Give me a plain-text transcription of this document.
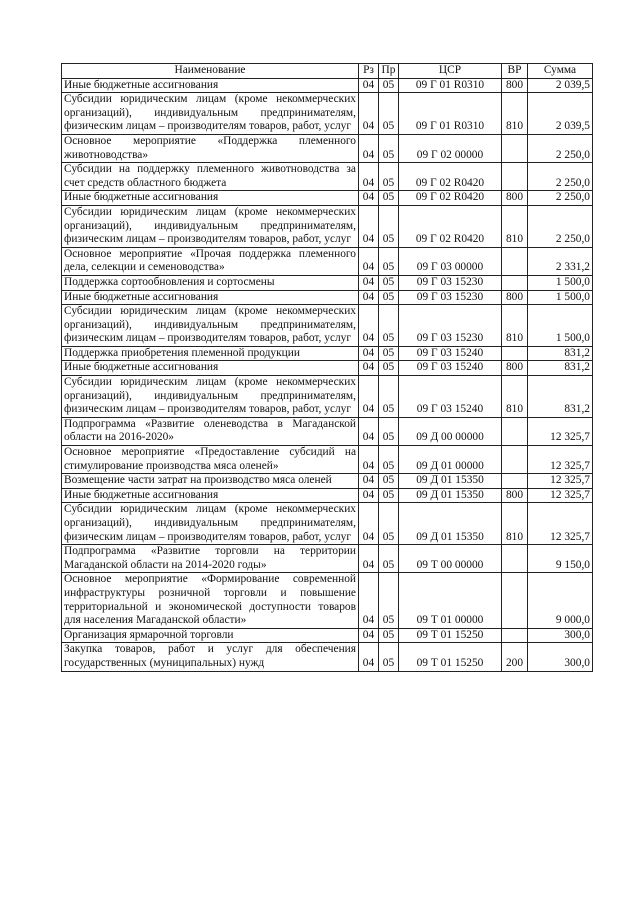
Наименование	Рз	Пр	ЦСР	ВР	Сумма
Иные бюджетные ассигнования	04	05	09 Г 01 R0310	800	2 039,5
Субсидии юридическим лицам (кроме некоммерческих организаций), индивидуальным предпринимателям, физическим лицам – производителям товаров, работ, услуг	04	05	09 Г 01 R0310	810	2 039,5
Основное мероприятие «Поддержка племенного животноводства»	04	05	09 Г 02 00000		2 250,0
Субсидии на поддержку племенного животноводства за счет средств областного бюджета	04	05	09 Г 02 R0420		2 250,0
Иные бюджетные ассигнования	04	05	09 Г 02 R0420	800	2 250,0
Субсидии юридическим лицам (кроме некоммерческих организаций), индивидуальным предпринимателям, физическим лицам – производителям товаров, работ, услуг	04	05	09 Г 02 R0420	810	2 250,0
Основное мероприятие «Прочая поддержка племенного дела, селекции и семеноводства»	04	05	09 Г 03 00000		2 331,2
Поддержка сортообновления и сортосмены	04	05	09 Г 03 15230		1 500,0
Иные бюджетные ассигнования	04	05	09 Г 03 15230	800	1 500,0
Субсидии юридическим лицам (кроме некоммерческих организаций), индивидуальным предпринимателям, физическим лицам – производителям товаров, работ, услуг	04	05	09 Г 03 15230	810	1 500,0
Поддержка приобретения племенной продукции	04	05	09 Г 03 15240		831,2
Иные бюджетные ассигнования	04	05	09 Г 03 15240	800	831,2
Субсидии юридическим лицам (кроме некоммерческих организаций), индивидуальным предпринимателям, физическим лицам – производителям товаров, работ, услуг	04	05	09 Г 03 15240	810	831,2
Подпрограмма «Развитие оленеводства в Магаданской области на 2016-2020»	04	05	09 Д 00 00000		12 325,7
Основное мероприятие «Предоставление субсидий на стимулирование производства мяса оленей»	04	05	09 Д 01 00000		12 325,7
Возмещение части затрат на производство мяса оленей	04	05	09 Д 01 15350		12 325,7
Иные бюджетные ассигнования	04	05	09 Д 01 15350	800	12 325,7
Субсидии юридическим лицам (кроме некоммерческих организаций), индивидуальным предпринимателям, физическим лицам – производителям товаров, работ, услуг	04	05	09 Д 01 15350	810	12 325,7
Подпрограмма «Развитие торговли на территории Магаданской области на 2014-2020 годы»	04	05	09 Т 00 00000		9 150,0
Основное мероприятие «Формирование современной инфраструктуры розничной торговли и повышение территориальной и экономической доступности товаров для населения Магаданской области»	04	05	09 Т 01 00000		9 000,0
Организация ярмарочной торговли	04	05	09 Т 01 15250		300,0
Закупка товаров, работ и услуг для обеспечения государственных (муниципальных) нужд	04	05	09 Т 01 15250	200	300,0
